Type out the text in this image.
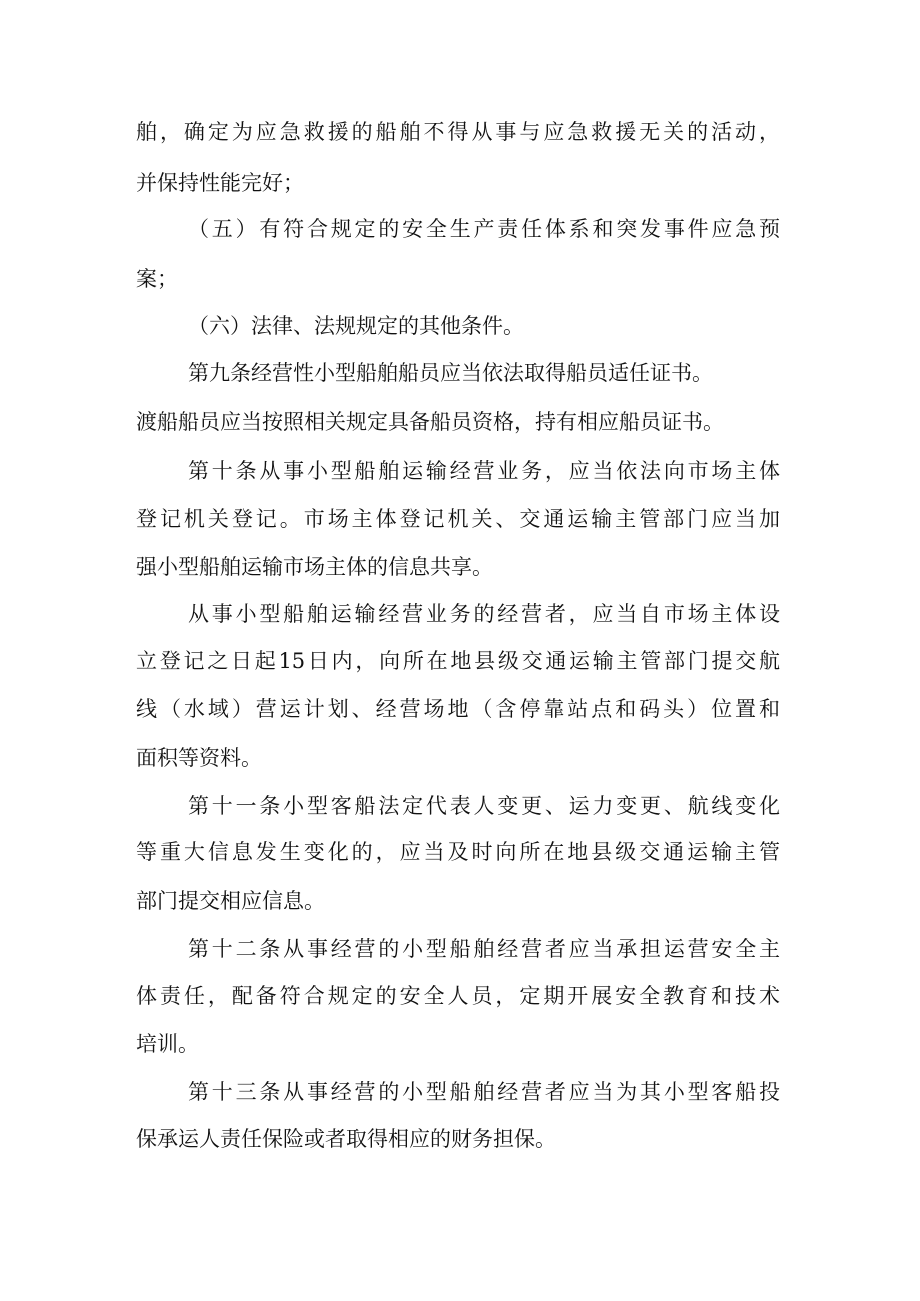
舶，确定为应急救援的船舶不得从事与应急救援无关的活动，

并保持性能完好；

（五）有符合规定的安全生产责任体系和突发事件应急预

案；

（六）法律、法规规定的其他条件。

第九条经营性小型船舶船员应当依法取得船员适任证书。

渡船船员应当按照相关规定具备船员资格，持有相应船员证书。

第十条从事小型船舶运输经营业务，应当依法向市场主体

登记机关登记。市场主体登记机关、交通运输主管部门应当加

强小型船舶运输市场主体的信息共享。

从事小型船舶运输经营业务的经营者，应当自市场主体设

立登记之日起15日内，向所在地县级交通运输主管部门提交航

线（水域）营运计划、经营场地（含停靠站点和码头）位置和

面积等资料。

第十一条小型客船法定代表人变更、运力变更、航线变化

等重大信息发生变化的，应当及时向所在地县级交通运输主管

部门提交相应信息。

第十二条从事经营的小型船舶经营者应当承担运营安全主

体责任，配备符合规定的安全人员，定期开展安全教育和技术

培训。

第十三条从事经营的小型船舶经营者应当为其小型客船投

保承运人责任保险或者取得相应的财务担保。
